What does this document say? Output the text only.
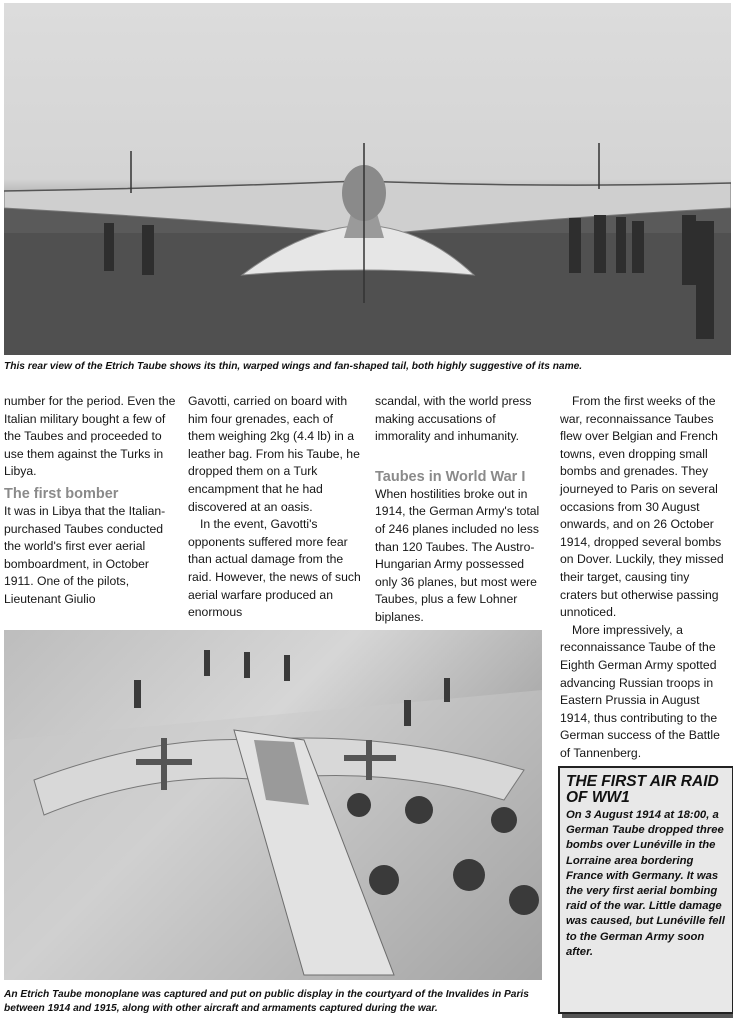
This rear view of the Etrich Taube shows its thin, warped wings and fan-shaped tail, both highly suggestive of its name.

number for the period. Even the Italian military bought a few of the Taubes and proceeded to use them against the Turks in Libya.

The first bomber

It was in Libya that the Italian-purchased Taubes conducted the world's first ever aerial bomboardment, in October 1911. One of the pilots, Lieutenant Giulio

Gavotti, carried on board with him four grenades, each of them weighing 2kg (4.4 lb) in a leather bag. From his Taube, he dropped them on a Turk encampment that he had discovered at an oasis.

In the event, Gavotti's opponents suffered more fear than actual damage from the raid. However, the news of such aerial warfare produced an enormous

scandal, with the world press making accusations of immorality and inhumanity.

Taubes in World War I

When hostilities broke out in 1914, the German Army's total of 246 planes included no less than 120 Taubes. The Austro-Hungarian Army possessed only 36 planes, but most were Taubes, plus a few Lohner biplanes.

From the first weeks of the war, reconnaissance Taubes flew over Belgian and French towns, even dropping small bombs and grenades. They journeyed to Paris on several occasions from 30 August onwards, and on 26 October 1914, dropped several bombs on Dover. Luckily, they missed their target, causing tiny craters but otherwise passing unnoticed.

More impressively, a reconnaissance Taube of the Eighth German Army spotted advancing Russian troops in Eastern Prussia in August 1914, thus contributing to the German success of the Battle of Tannenberg.

An Etrich Taube monoplane was captured and put on public display in the courtyard of the Invalides in Paris between 1914 and 1915, along with other aircraft and armaments captured during the war.
THE FIRST AIR RAID OF WW1

On 3 August 1914 at 18:00, a German Taube dropped three bombs over Lunéville in the Lorraine area bordering France with Germany. It was the very first aerial bombing raid of the war. Little damage was caused, but Lunéville fell to the German Army soon after.
